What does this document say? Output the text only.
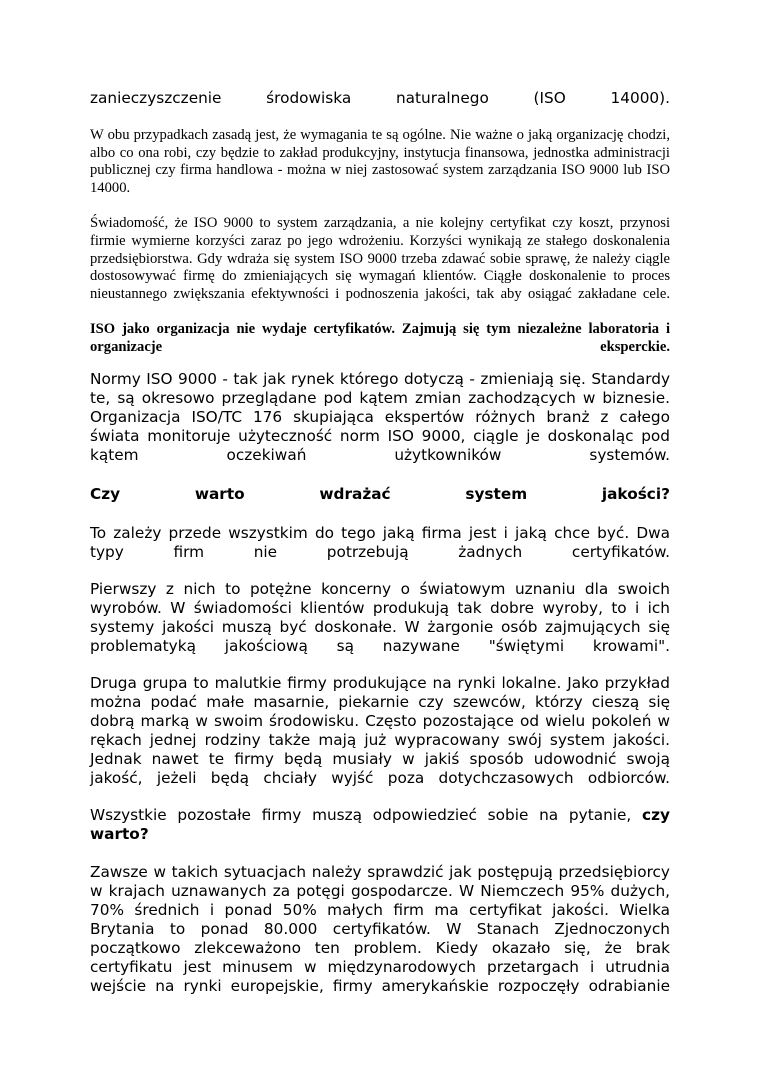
zanieczyszczenie środowiska naturalnego (ISO 14000).

W obu przypadkach zasadą jest, że wymagania te są ogólne. Nie ważne o jaką organizację chodzi, albo co ona robi, czy będzie to zakład produkcyjny, instytucja finansowa, jednostka administracji publicznej czy firma handlowa - można w niej zastosować system zarządzania ISO 9000 lub ISO 14000.

Świadomość, że ISO 9000 to system zarządzania, a nie kolejny certyfikat czy koszt, przynosi firmie wymierne korzyści zaraz po jego wdrożeniu. Korzyści wynikają ze stałego doskonalenia przedsiębiorstwa. Gdy wdraża się system ISO 9000 trzeba zdawać sobie sprawę, że należy ciągle dostosowywać firmę do zmieniających się wymagań klientów. Ciągłe doskonalenie to proces nieustannego zwiększania efektywności i podnoszenia jakości, tak aby osiągać zakładane cele.

ISO jako organizacja nie wydaje certyfikatów. Zajmują się tym niezależne laboratoria i organizacje eksperckie.

Normy ISO 9000 - tak jak rynek którego dotyczą - zmieniają się. Standardy te, są okresowo przeglądane pod kątem zmian zachodzących w biznesie. Organizacja ISO/TC 176 skupiająca ekspertów różnych branż z całego świata monitoruje użyteczność norm ISO 9000, ciągle je doskonaląc pod kątem oczekiwań użytkowników systemów.

Czy warto wdrażać system jakości?

To zależy przede wszystkim do tego jaką firma jest i jaką chce być. Dwa typy firm nie potrzebują żadnych certyfikatów.

Pierwszy z nich to potężne koncerny o światowym uznaniu dla swoich wyrobów. W świadomości klientów produkują tak dobre wyroby, to i ich systemy jakości muszą być doskonałe. W żargonie osób zajmujących się problematyką jakościową są nazywane "świętymi krowami".

Druga grupa to malutkie firmy produkujące na rynki lokalne. Jako przykład można podać małe masarnie, piekarnie czy szewców, którzy cieszą się dobrą marką w swoim środowisku. Często pozostające od wielu pokoleń w rękach jednej rodziny także mają już wypracowany swój system jakości. Jednak nawet te firmy będą musiały w jakiś sposób udowodnić swoją jakość, jeżeli będą chciały wyjść poza dotychczasowych odbiorców.

Wszystkie pozostałe firmy muszą odpowiedzieć sobie na pytanie, czy warto?

Zawsze w takich sytuacjach należy sprawdzić jak postępują przedsiębiorcy w krajach uznawanych za potęgi gospodarcze. W Niemczech 95% dużych, 70% średnich i ponad 50% małych firm ma certyfikat jakości. Wielka Brytania to ponad 80.000 certyfikatów. W Stanach Zjednoczonych początkowo zlekceważono ten problem. Kiedy okazało się, że brak certyfikatu jest minusem w międzynarodowych przetargach i utrudnia wejście na rynki europejskie, firmy amerykańskie rozpoczęły odrabianie
